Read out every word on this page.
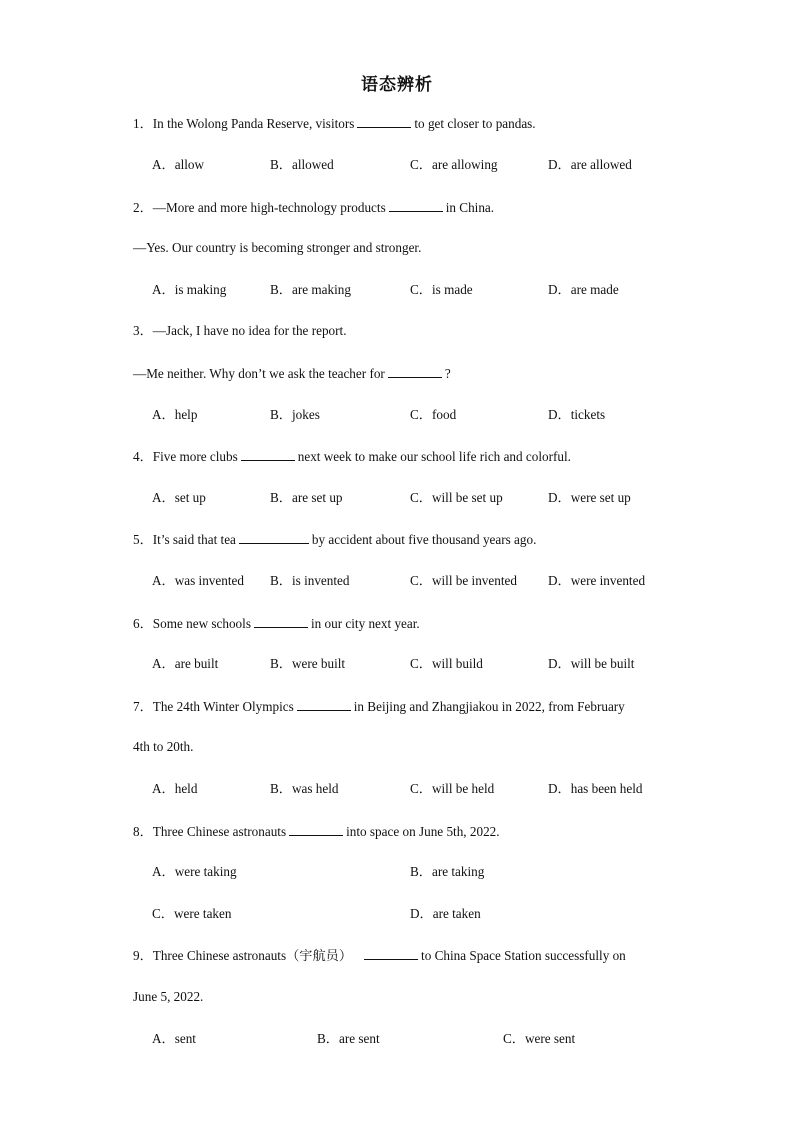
语态辨析
1．In the Wolong Panda Reserve, visitors	to get closer to pandas.
A．allow	B．allowed	C．are allowing	D．are allowed
2．—More and more high-technology products	in China.
—Yes. Our country is becoming stronger and stronger.
A．is making	B．are making	C．is made	D．are made
3．—Jack, I have no idea for the report.
—Me neither. Why don’t we ask the teacher for	?
A．help	B．jokes	C．food	D．tickets
4．Five more clubs	next week to make our school life rich and colorful.
A．set up	B．are set up	C．will be set up	D．were set up
5．It’s said that tea	by accident about five thousand years ago.
A．was invented B．is invented	C．will be invented D．were invented
6．Some new schools	in our city next year.
A．are built	B．were built	C．will build	D．will be built
7．The 24th Winter Olympics	in Beijing and Zhangjiakou in 2022, from February
4th to 20th.
A．held	B．was held	C．will be held	D．has been held
8．Three Chinese astronauts	into space on June 5th, 2022.
A．were taking	B．are taking
C．were taken	D．are taken
9．Three Chinese astronauts（宇航员）	to China Space Station successfully on
June 5, 2022.
A．sent	B．are sent	C．were sent
